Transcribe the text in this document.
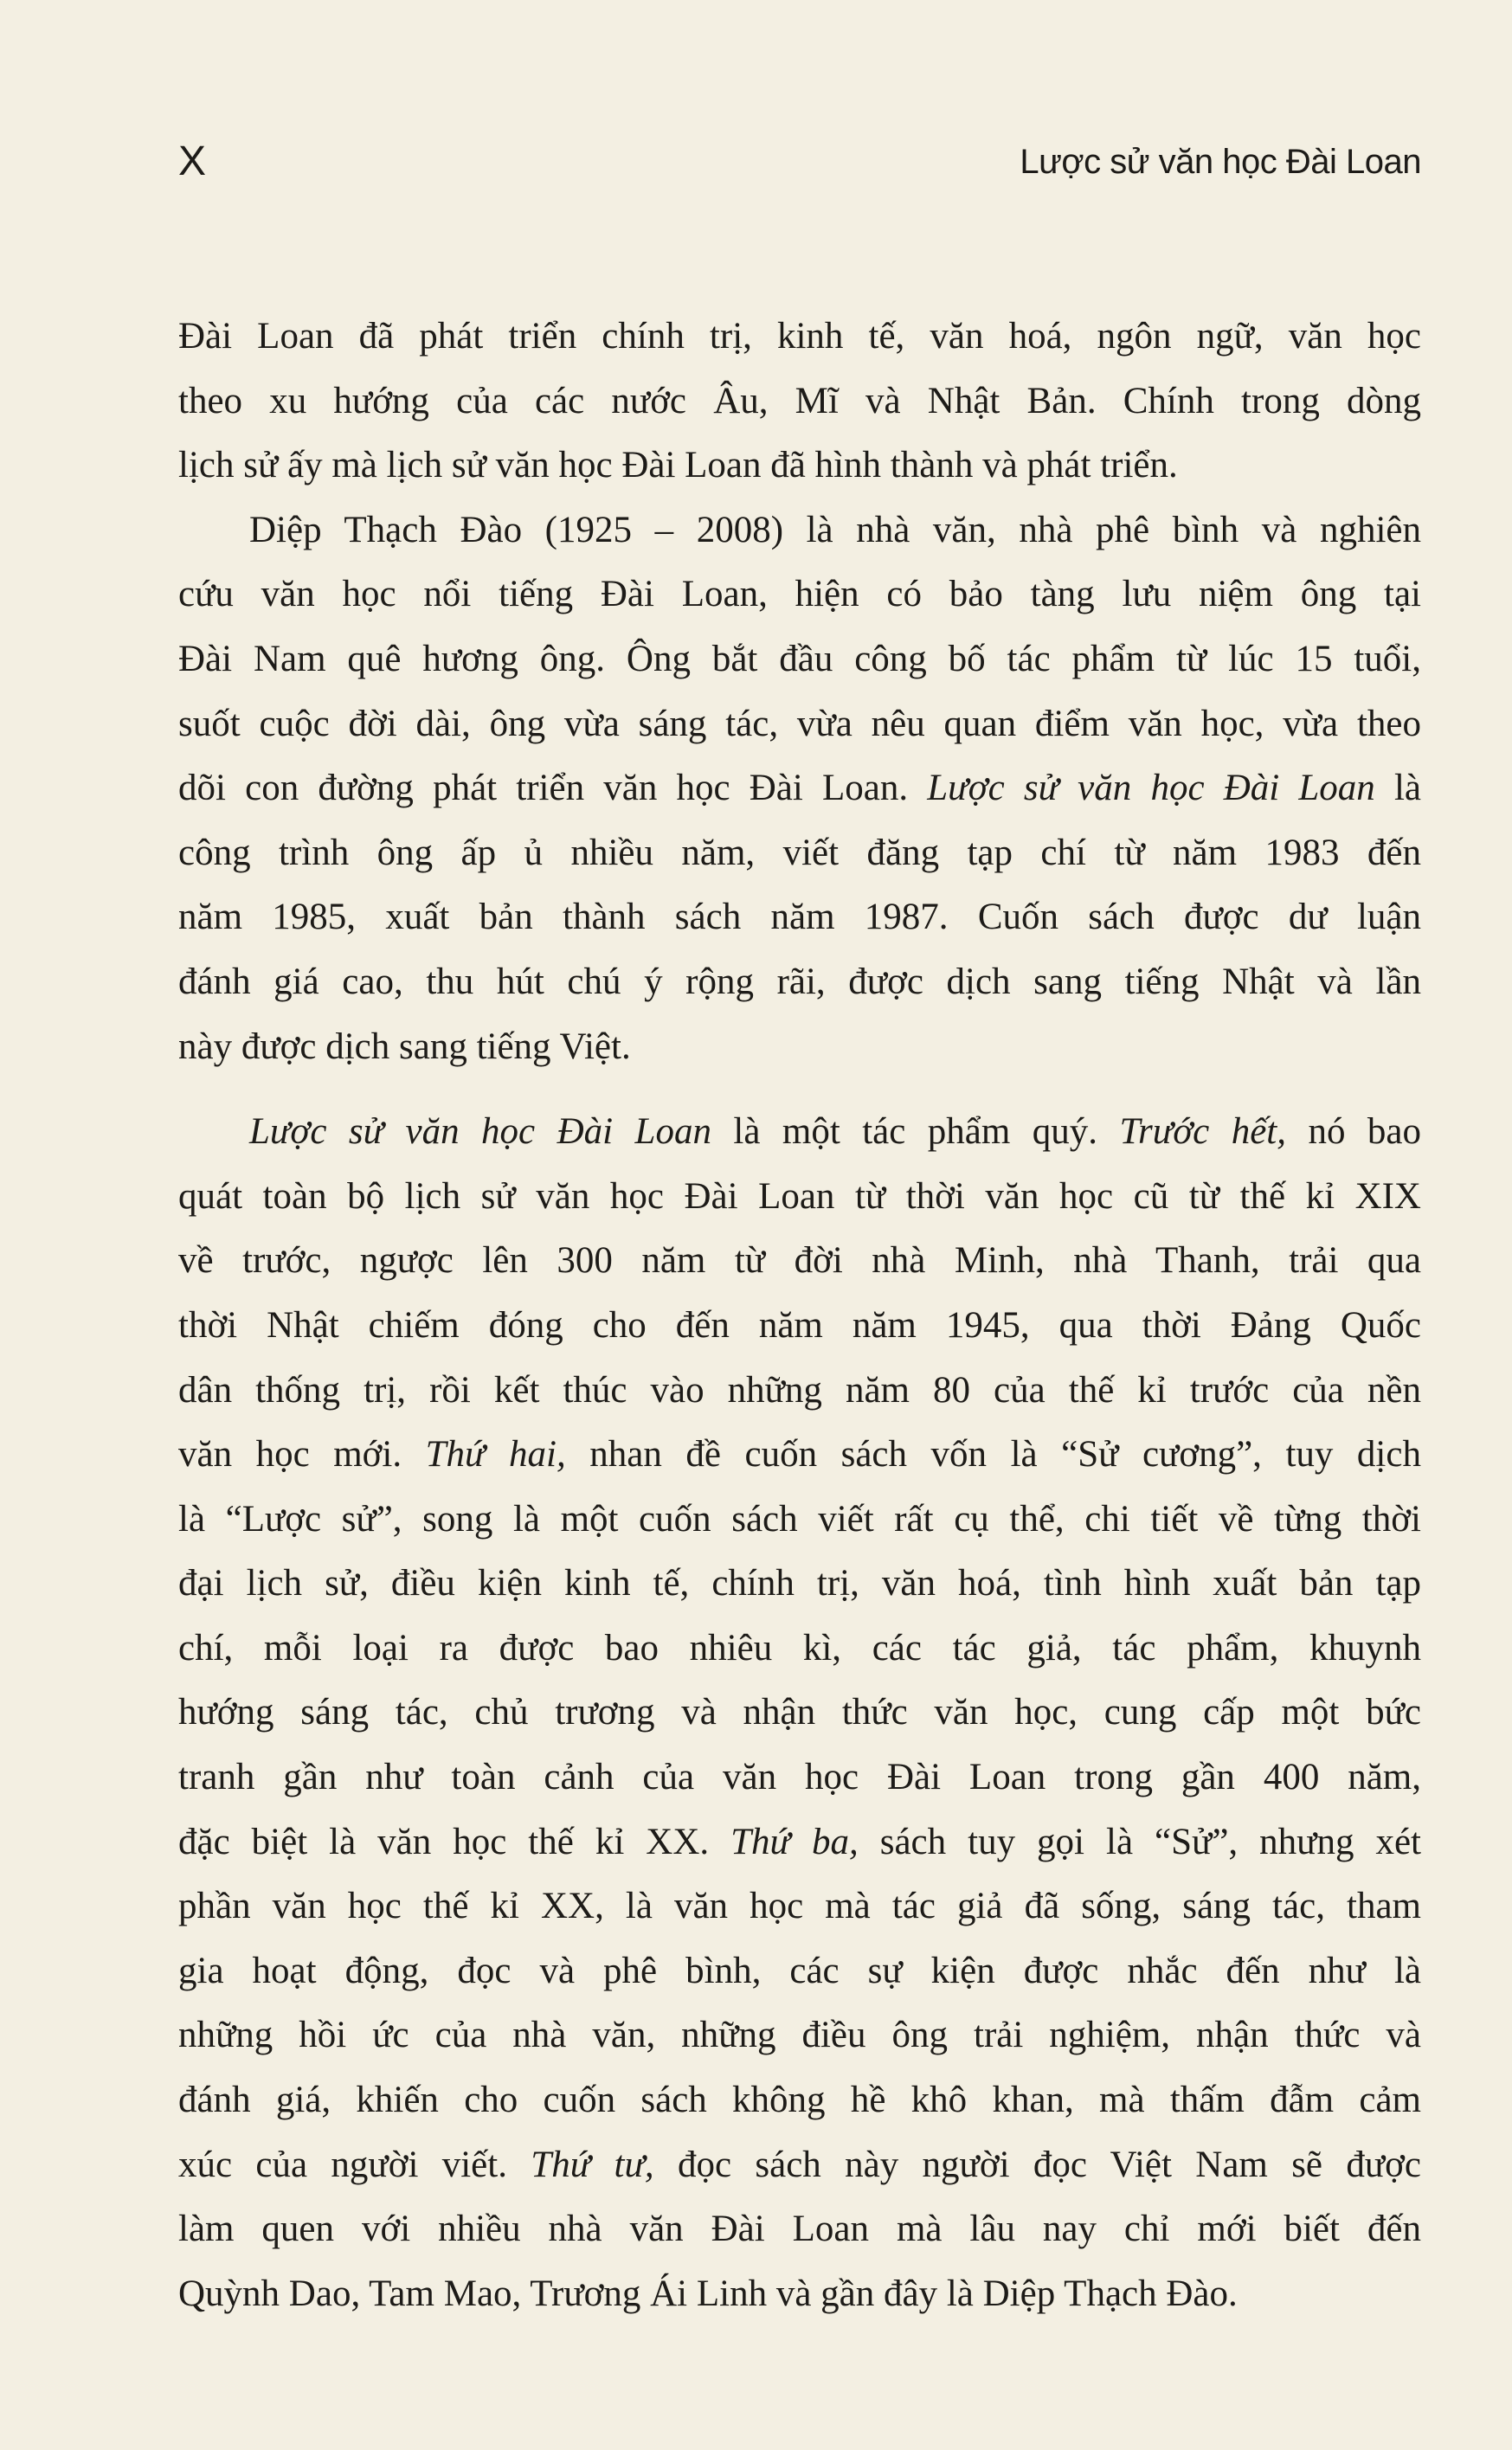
X	Lược sử văn học Đài Loan
Đài Loan đã phát triển chính trị, kinh tế, văn hoá, ngôn ngữ, văn học
theo xu hướng của các nước Âu, Mĩ và Nhật Bản. Chính trong dòng
lịch sử ấy mà lịch sử văn học Đài Loan đã hình thành và phát triển.
Diệp Thạch Đào (1925 – 2008) là nhà văn, nhà phê bình và nghiên
cứu văn học nổi tiếng Đài Loan, hiện có bảo tàng lưu niệm ông tại
Đài Nam quê hương ông. Ông bắt đầu công bố tác phẩm từ lúc 15 tuổi,
suốt cuộc đời dài, ông vừa sáng tác, vừa nêu quan điểm văn học, vừa theo
dõi con đường phát triển văn học Đài Loan. Lược sử văn học Đài Loan là
công trình ông ấp ủ nhiều năm, viết đăng tạp chí từ năm 1983 đến
năm 1985, xuất bản thành sách năm 1987. Cuốn sách được dư luận
đánh giá cao, thu hút chú ý rộng rãi, được dịch sang tiếng Nhật và lần
này được dịch sang tiếng Việt.
Lược sử văn học Đài Loan là một tác phẩm quý. Trước hết, nó bao
quát toàn bộ lịch sử văn học Đài Loan từ thời văn học cũ từ thế kỉ XIX
về trước, ngược lên 300 năm từ đời nhà Minh, nhà Thanh, trải qua
thời Nhật chiếm đóng cho đến năm năm 1945, qua thời Đảng Quốc
dân thống trị, rồi kết thúc vào những năm 80 của thế kỉ trước của nền
văn học mới. Thứ hai, nhan đề cuốn sách vốn là “Sử cương”, tuy dịch
là “Lược sử”, song là một cuốn sách viết rất cụ thể, chi tiết về từng thời
đại lịch sử, điều kiện kinh tế, chính trị, văn hoá, tình hình xuất bản tạp
chí, mỗi loại ra được bao nhiêu kì, các tác giả, tác phẩm, khuynh
hướng sáng tác, chủ trương và nhận thức văn học, cung cấp một bức
tranh gần như toàn cảnh của văn học Đài Loan trong gần 400 năm,
đặc biệt là văn học thế kỉ XX. Thứ ba, sách tuy gọi là “Sử”, nhưng xét
phần văn học thế kỉ XX, là văn học mà tác giả đã sống, sáng tác, tham
gia hoạt động, đọc và phê bình, các sự kiện được nhắc đến như là
những hồi ức của nhà văn, những điều ông trải nghiệm, nhận thức và
đánh giá, khiến cho cuốn sách không hề khô khan, mà thấm đẫm cảm
xúc của người viết. Thứ tư, đọc sách này người đọc Việt Nam sẽ được
làm quen với nhiều nhà văn Đài Loan mà lâu nay chỉ mới biết đến
Quỳnh Dao, Tam Mao, Trương Ái Linh và gần đây là Diệp Thạch Đào.
